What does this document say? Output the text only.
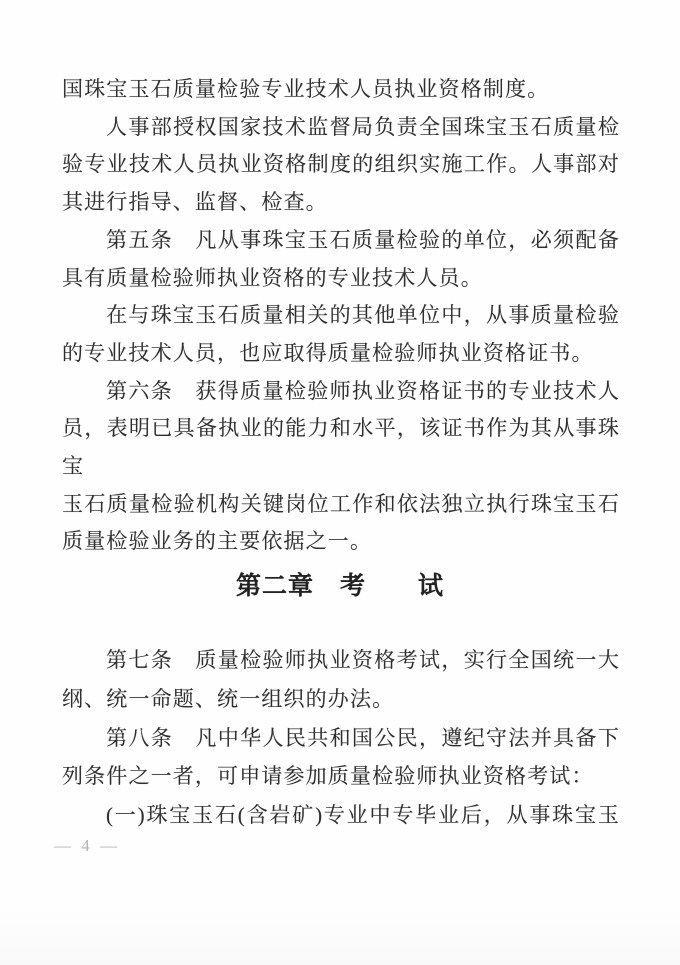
国珠宝玉石质量检验专业技术人员执业资格制度。
人事部授权国家技术监督局负责全国珠宝玉石质量检
验专业技术人员执业资格制度的组织实施工作。人事部对
其进行指导、监督、检查。
第五条　凡从事珠宝玉石质量检验的单位，必须配备
具有质量检验师执业资格的专业技术人员。
在与珠宝玉石质量相关的其他单位中，从事质量检验
的专业技术人员，也应取得质量检验师执业资格证书。
第六条　获得质量检验师执业资格证书的专业技术人
员，表明已具备执业的能力和水平，该证书作为其从事珠宝
玉石质量检验机构关键岗位工作和依法独立执行珠宝玉石
质量检验业务的主要依据之一。
第二章　考　　试
第七条　质量检验师执业资格考试，实行全国统一大
纲、统一命题、统一组织的办法。
第八条　凡中华人民共和国公民，遵纪守法并具备下
列条件之一者，可申请参加质量检验师执业资格考试：
(一)珠宝玉石(含岩矿)专业中专毕业后，从事珠宝玉
— 4 —
